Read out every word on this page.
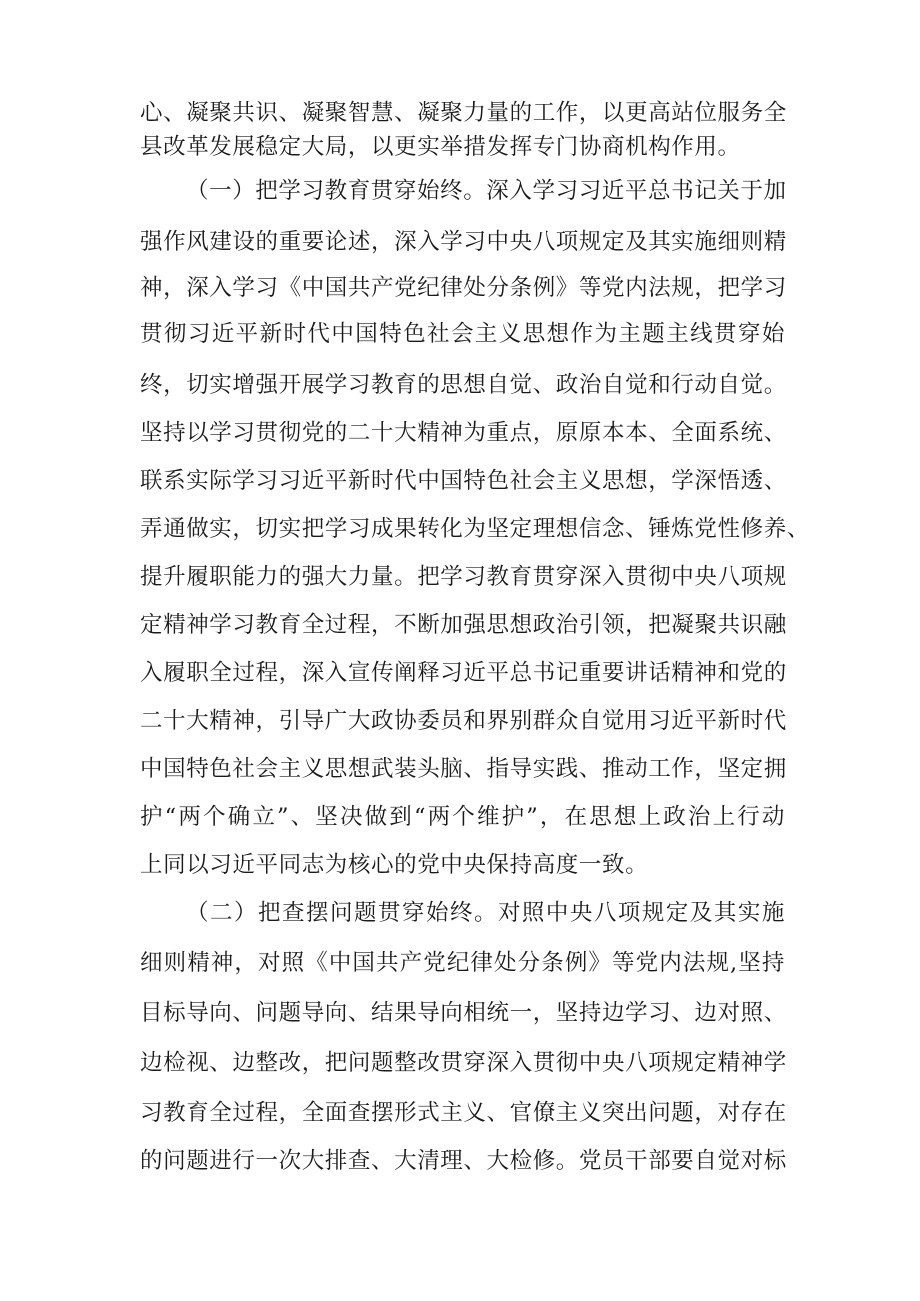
心、凝聚共识、凝聚智慧、凝聚力量的工作，以更高站位服务全
县改革发展稳定大局，以更实举措发挥专门协商机构作用。
（一）把学习教育贯穿始终。深入学习习近平总书记关于加
强作风建设的重要论述，深入学习中央八项规定及其实施细则精
神，深入学习《中国共产党纪律处分条例》等党内法规，把学习
贯彻习近平新时代中国特色社会主义思想作为主题主线贯穿始
终，切实增强开展学习教育的思想自觉、政治自觉和行动自觉。
坚持以学习贯彻党的二十大精神为重点，原原本本、全面系统、
联系实际学习习近平新时代中国特色社会主义思想，学深悟透、
弄通做实，切实把学习成果转化为坚定理想信念、锤炼党性修养、
提升履职能力的强大力量。把学习教育贯穿深入贯彻中央八项规
定精神学习教育全过程，不断加强思想政治引领，把凝聚共识融
入履职全过程，深入宣传阐释习近平总书记重要讲话精神和党的
二十大精神，引导广大政协委员和界别群众自觉用习近平新时代
中国特色社会主义思想武装头脑、指导实践、推动工作，坚定拥
护“两个确立”、坚决做到“两个维护”，在思想上政治上行动
上同以习近平同志为核心的党中央保持高度一致。
（二）把查摆问题贯穿始终。对照中央八项规定及其实施
细则精神，对照《中国共产党纪律处分条例》等党内法规,坚持
目标导向、问题导向、结果导向相统一，坚持边学习、边对照、
边检视、边整改，把问题整改贯穿深入贯彻中央八项规定精神学
习教育全过程，全面查摆形式主义、官僚主义突出问题，对存在
的问题进行一次大排查、大清理、大检修。党员干部要自觉对标
